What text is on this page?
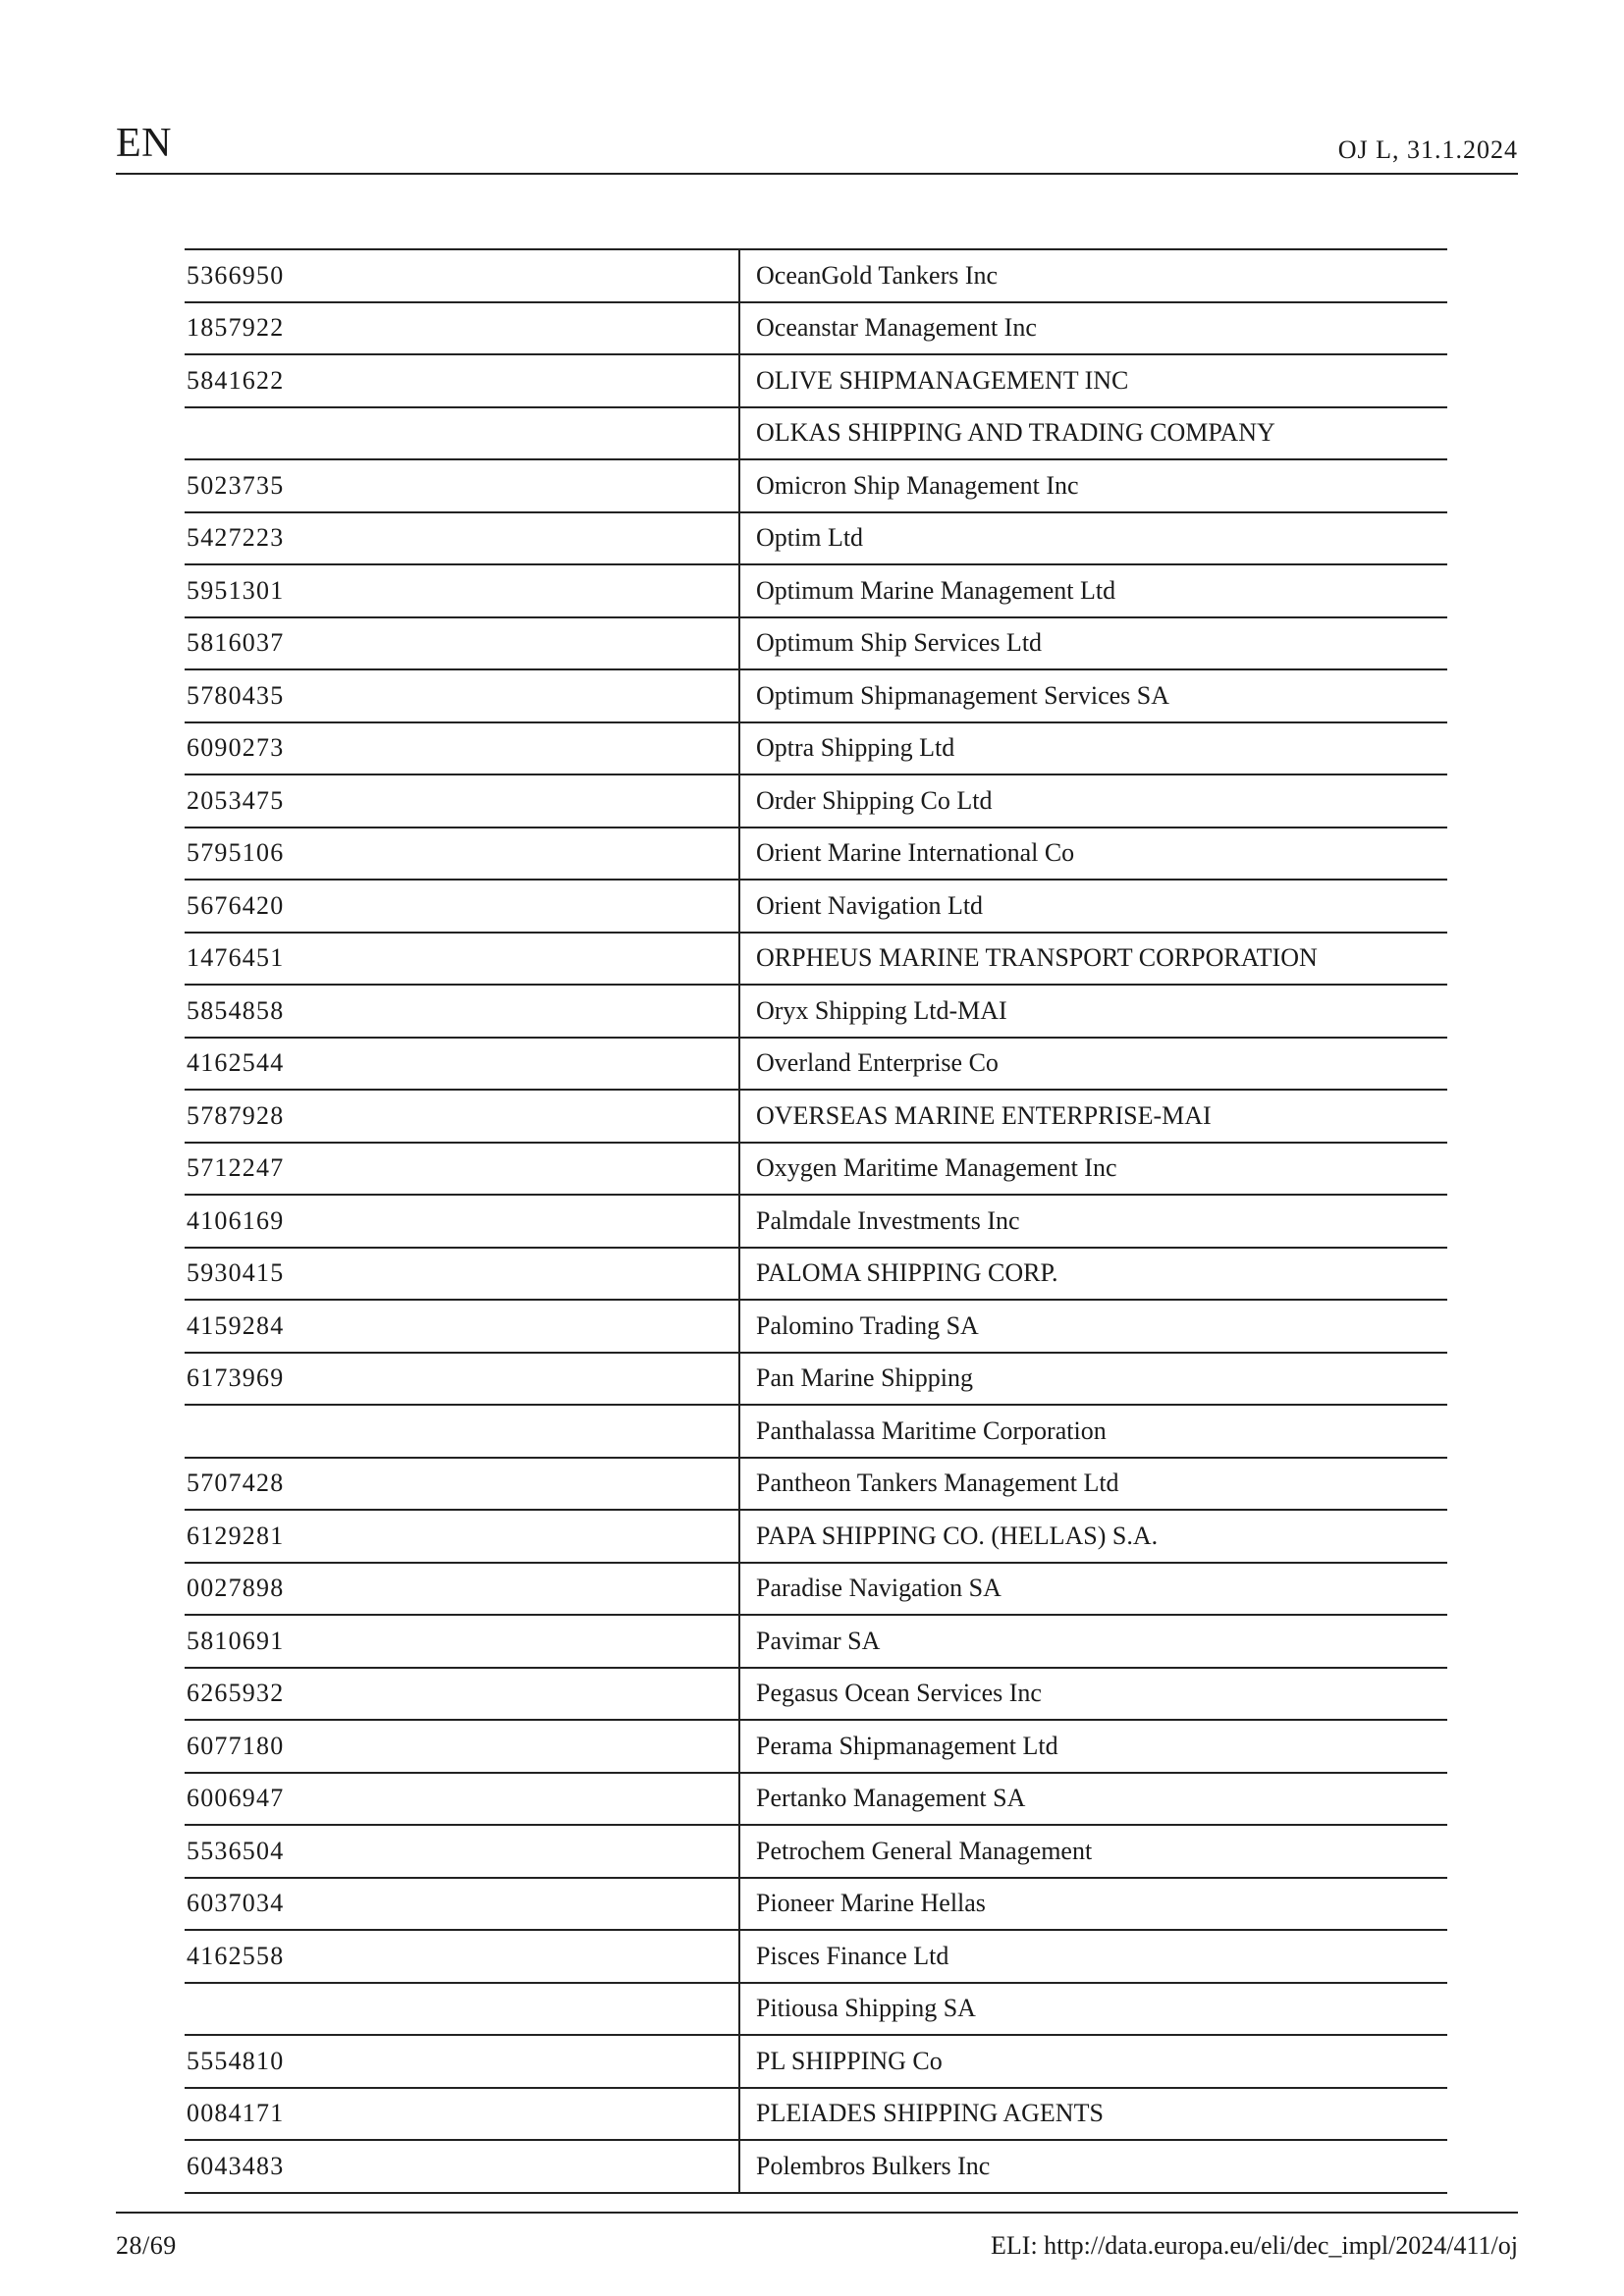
EN	OJ L, 31.1.2024
5366950	OceanGold Tankers Inc
1857922	Oceanstar Management Inc
5841622	OLIVE SHIPMANAGEMENT INC
	OLKAS SHIPPING AND TRADING COMPANY
5023735	Omicron Ship Management Inc
5427223	Optim Ltd
5951301	Optimum Marine Management Ltd
5816037	Optimum Ship Services Ltd
5780435	Optimum Shipmanagement Services SA
6090273	Optra Shipping Ltd
2053475	Order Shipping Co Ltd
5795106	Orient Marine International Co
5676420	Orient Navigation Ltd
1476451	ORPHEUS MARINE TRANSPORT CORPORATION
5854858	Oryx Shipping Ltd-MAI
4162544	Overland Enterprise Co
5787928	OVERSEAS MARINE ENTERPRISE-MAI
5712247	Oxygen Maritime Management Inc
4106169	Palmdale Investments Inc
5930415	PALOMA SHIPPING CORP.
4159284	Palomino Trading SA
6173969	Pan Marine Shipping
	Panthalassa Maritime Corporation
5707428	Pantheon Tankers Management Ltd
6129281	PAPA SHIPPING CO. (HELLAS) S.A.
0027898	Paradise Navigation SA
5810691	Pavimar SA
6265932	Pegasus Ocean Services Inc
6077180	Perama Shipmanagement Ltd
6006947	Pertanko Management SA
5536504	Petrochem General Management
6037034	Pioneer Marine Hellas
4162558	Pisces Finance Ltd
	Pitiousa Shipping SA
5554810	PL SHIPPING Co
0084171	PLEIADES SHIPPING AGENTS
6043483	Polembros Bulkers Inc
28/69	ELI: http://data.europa.eu/eli/dec_impl/2024/411/oj
